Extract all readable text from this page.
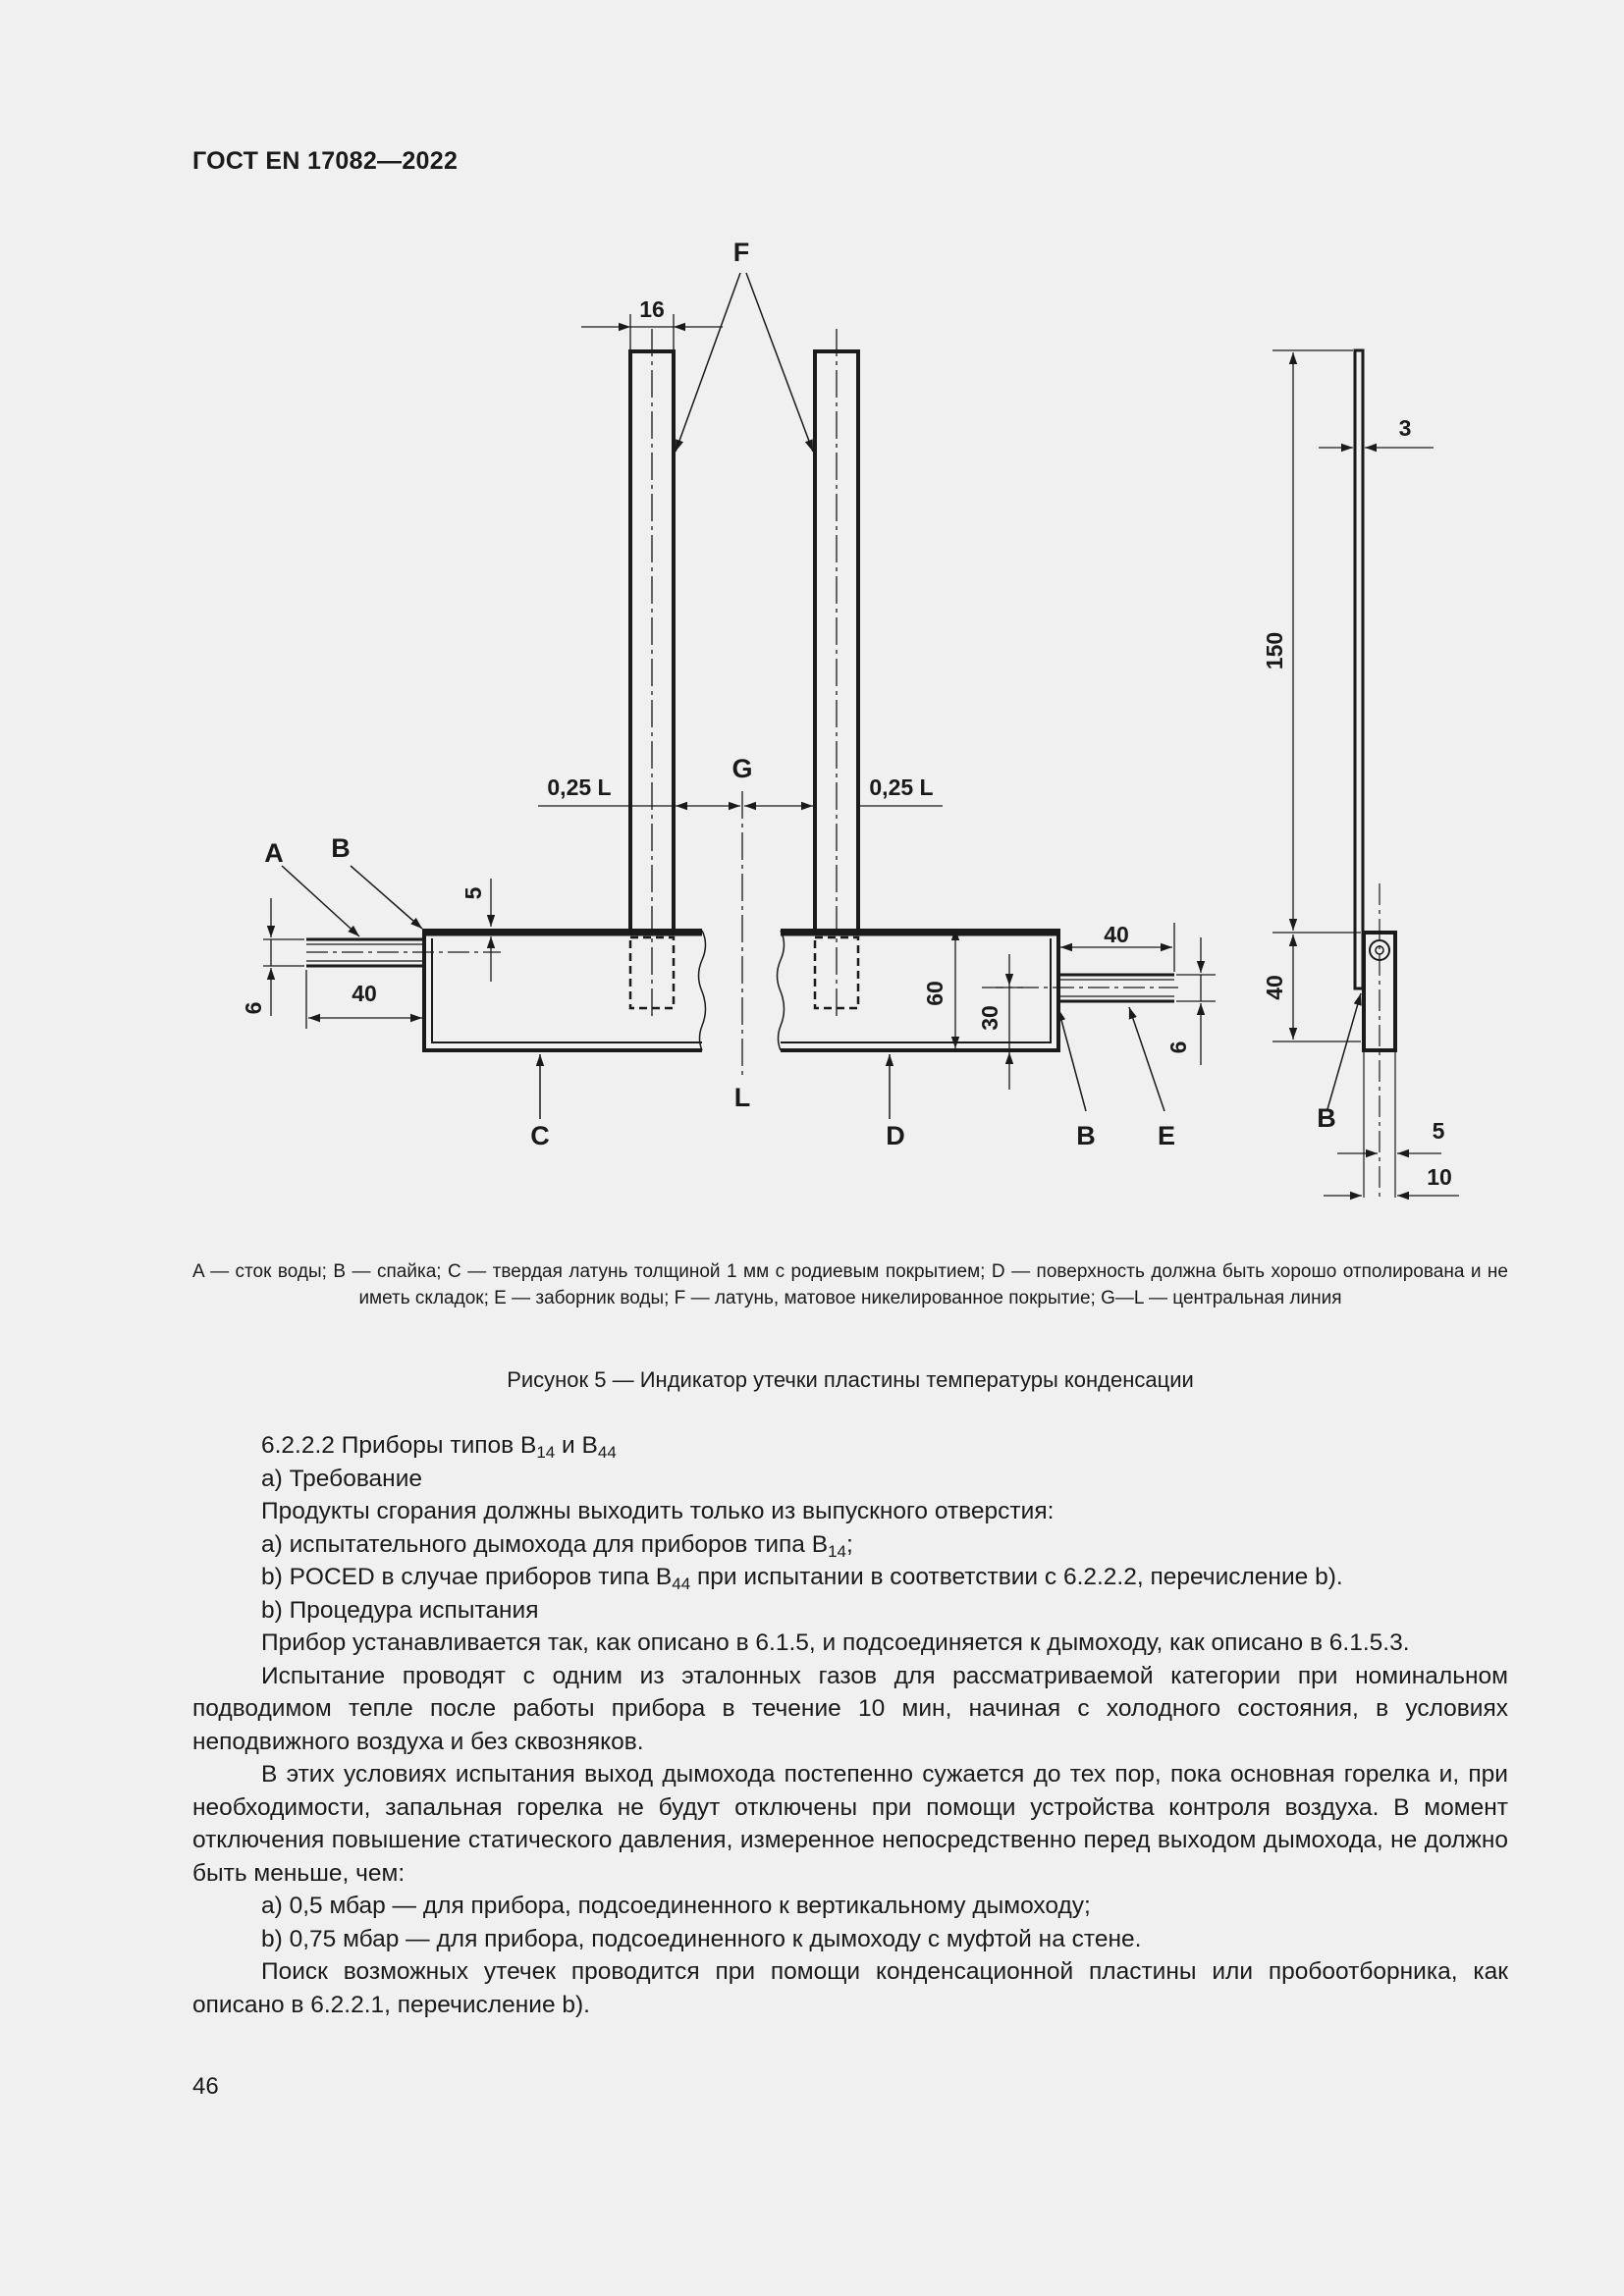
ГОСТ EN 17082—2022
F
16
G
0,25 L	0,25 L
A B
5
6
40
L
60
30
40
6
C	D	B E
150
3
40
B	5
10
A — сток воды; B — спайка; C — твердая латунь толщиной 1 мм с родиевым покрытием; D — поверхность должна быть хорошо отполирована и не иметь складок; E — заборник воды; F — латунь, матовое никелированное покрытие; G—L — центральная линия
Рисунок 5 — Индикатор утечки пластины температуры конденсации

6.2.2.2 Приборы типов $B_{14}$ и $B_{44}$

а) Требование

Продукты сгорания должны выходить только из выпускного отверстия:

а) испытательного дымохода для приборов типа $B_{14}$;

b) POCED в случае приборов типа $B_{44}$ при испытании в соответствии с 6.2.2.2, перечисление b).

b) Процедура испытания

Прибор устанавливается так, как описано в 6.1.5, и подсоединяется к дымоходу, как описано в 6.1.5.3.

Испытание проводят с одним из эталонных газов для рассматриваемой категории при номинальном подводимом тепле после работы прибора в течение 10 мин, начиная с холодного состояния, в условиях неподвижного воздуха и без сквозняков.

В этих условиях испытания выход дымохода постепенно сужается до тех пор, пока основная горелка и, при необходимости, запальная горелка не будут отключены при помощи устройства контроля воздуха. В момент отключения повышение статического давления, измеренное непосредственно перед выходом дымохода, не должно быть меньше, чем:

а) 0,5 мбар — для прибора, подсоединенного к вертикальному дымоходу;

b) 0,75 мбар — для прибора, подсоединенного к дымоходу с муфтой на стене.

Поиск возможных утечек проводится при помощи конденсационной пластины или пробоотборника, как описано в 6.2.2.1, перечисление b).

46
